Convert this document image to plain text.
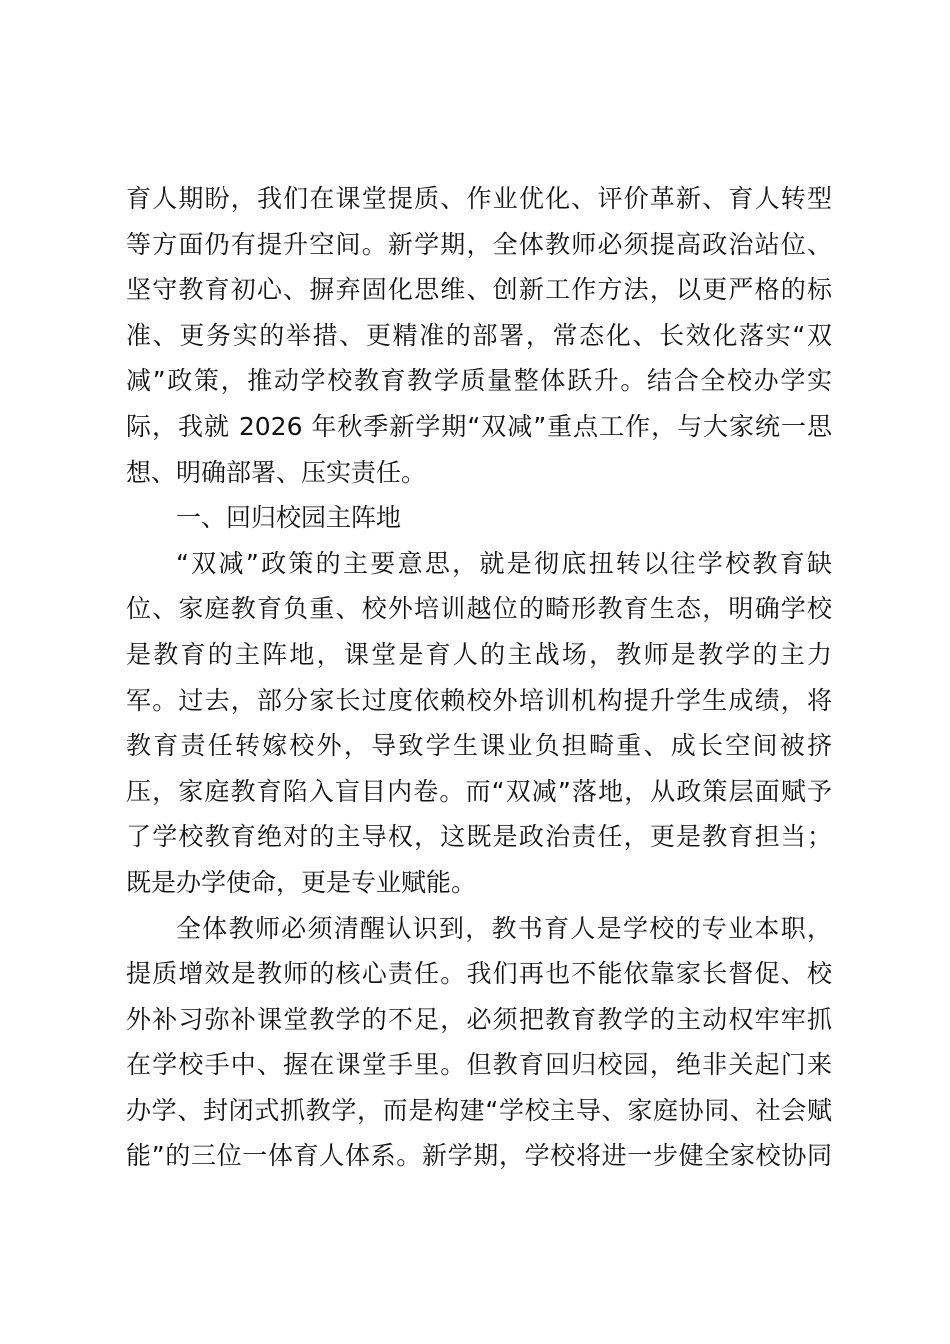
育人期盼，我们在课堂提质、作业优化、评价革新、育人转型
等方面仍有提升空间。新学期，全体教师必须提高政治站位、
坚守教育初心、摒弃固化思维、创新工作方法，以更严格的标
准、更务实的举措、更精准的部署，常态化、长效化落实“双
减”政策，推动学校教育教学质量整体跃升。结合全校办学实
际，我就 2026 年秋季新学期“双减”重点工作，与大家统一思
想、明确部署、压实责任。
一、回归校园主阵地
“双减”政策的主要意思，就是彻底扭转以往学校教育缺
位、家庭教育负重、校外培训越位的畸形教育生态，明确学校
是教育的主阵地，课堂是育人的主战场，教师是教学的主力
军。过去，部分家长过度依赖校外培训机构提升学生成绩，将
教育责任转嫁校外，导致学生课业负担畸重、成长空间被挤
压，家庭教育陷入盲目内卷。而“双减”落地，从政策层面赋予
了学校教育绝对的主导权，这既是政治责任，更是教育担当；
既是办学使命，更是专业赋能。
全体教师必须清醒认识到，教书育人是学校的专业本职，
提质增效是教师的核心责任。我们再也不能依靠家长督促、校
外补习弥补课堂教学的不足，必须把教育教学的主动权牢牢抓
在学校手中、握在课堂手里。但教育回归校园，绝非关起门来
办学、封闭式抓教学，而是构建“学校主导、家庭协同、社会赋
能”的三位一体育人体系。新学期，学校将进一步健全家校协同
